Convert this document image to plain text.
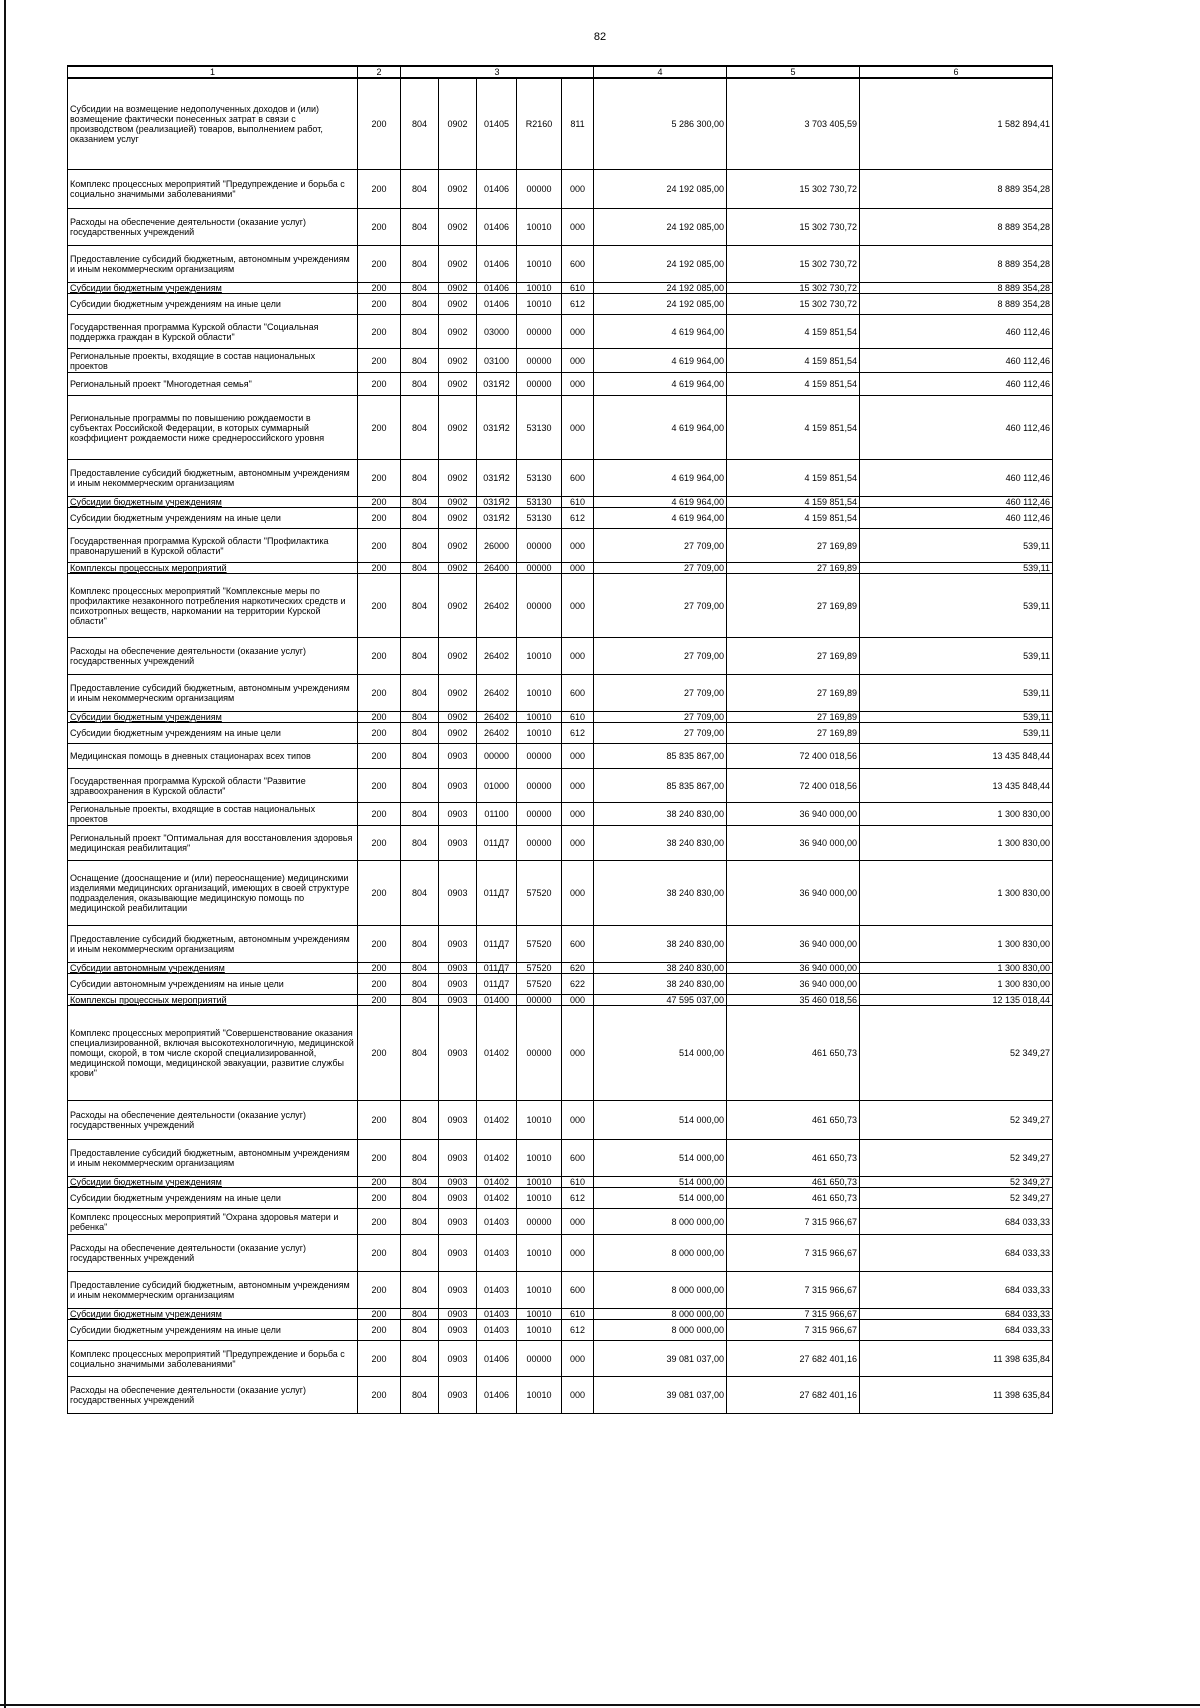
82
1	2	3					4	5	6
Субсидии на возмещение недополученных доходов и (или) возмещение фактически понесенных затрат в связи с производством (реализацией) товаров, выполнением работ, оказанием услуг	200	804	0902	01405	R2160	811	5 286 300,00	3 703 405,59	1 582 894,41
Комплекс процессных мероприятий "Предупреждение и борьба с социально значимыми заболеваниями"	200	804	0902	01406	00000	000	24 192 085,00	15 302 730,72	8 889 354,28
Расходы на обеспечение деятельности (оказание услуг) государственных учреждений	200	804	0902	01406	10010	000	24 192 085,00	15 302 730,72	8 889 354,28
Предоставление субсидий бюджетным, автономным учреждениям и иным некоммерческим организациям	200	804	0902	01406	10010	600	24 192 085,00	15 302 730,72	8 889 354,28
Субсидии бюджетным учреждениям	200	804	0902	01406	10010	610	24 192 085,00	15 302 730,72	8 889 354,28
Субсидии бюджетным учреждениям на иные цели	200	804	0902	01406	10010	612	24 192 085,00	15 302 730,72	8 889 354,28
Государственная программа Курской области "Социальная поддержка граждан в Курской области"	200	804	0902	03000	00000	000	4 619 964,00	4 159 851,54	460 112,46
Региональные проекты, входящие в состав национальных проектов	200	804	0902	03100	00000	000	4 619 964,00	4 159 851,54	460 112,46
Региональный проект "Многодетная семья"	200	804	0902	031Я2	00000	000	4 619 964,00	4 159 851,54	460 112,46
Региональные программы по повышению рождаемости в субъектах Российской Федерации, в которых суммарный коэффициент рождаемости ниже среднероссийского уровня	200	804	0902	031Я2	53130	000	4 619 964,00	4 159 851,54	460 112,46
Предоставление субсидий бюджетным, автономным учреждениям и иным некоммерческим организациям	200	804	0902	031Я2	53130	600	4 619 964,00	4 159 851,54	460 112,46
Субсидии бюджетным учреждениям	200	804	0902	031Я2	53130	610	4 619 964,00	4 159 851,54	460 112,46
Субсидии бюджетным учреждениям на иные цели	200	804	0902	031Я2	53130	612	4 619 964,00	4 159 851,54	460 112,46
Государственная программа Курской области "Профилактика правонарушений в Курской области"	200	804	0902	26000	00000	000	27 709,00	27 169,89	539,11
Комплексы процессных мероприятий	200	804	0902	26400	00000	000	27 709,00	27 169,89	539,11
Комплекс процессных мероприятий "Комплексные меры по профилактике незаконного потребления наркотических средств и психотропных веществ, наркомании на территории Курской области"	200	804	0902	26402	00000	000	27 709,00	27 169,89	539,11
Расходы на обеспечение деятельности (оказание услуг) государственных учреждений	200	804	0902	26402	10010	000	27 709,00	27 169,89	539,11
Предоставление субсидий бюджетным, автономным учреждениям и иным некоммерческим организациям	200	804	0902	26402	10010	600	27 709,00	27 169,89	539,11
Субсидии бюджетным учреждениям	200	804	0902	26402	10010	610	27 709,00	27 169,89	539,11
Субсидии бюджетным учреждениям на иные цели	200	804	0902	26402	10010	612	27 709,00	27 169,89	539,11
Медицинская помощь в дневных стационарах всех типов	200	804	0903	00000	00000	000	85 835 867,00	72 400 018,56	13 435 848,44
Государственная программа Курской области "Развитие здравоохранения в Курской области"	200	804	0903	01000	00000	000	85 835 867,00	72 400 018,56	13 435 848,44
Региональные проекты, входящие в состав национальных проектов	200	804	0903	01100	00000	000	38 240 830,00	36 940 000,00	1 300 830,00
Региональный проект "Оптимальная для восстановления здоровья медицинская реабилитация"	200	804	0903	011Д7	00000	000	38 240 830,00	36 940 000,00	1 300 830,00
Оснащение (дооснащение и (или) переоснащение) медицинскими изделиями медицинских организаций, имеющих в своей структуре подразделения, оказывающие медицинскую помощь по медицинской реабилитации	200	804	0903	011Д7	57520	000	38 240 830,00	36 940 000,00	1 300 830,00
Предоставление субсидий бюджетным, автономным учреждениям и иным некоммерческим организациям	200	804	0903	011Д7	57520	600	38 240 830,00	36 940 000,00	1 300 830,00
Субсидии автономным учреждениям	200	804	0903	011Д7	57520	620	38 240 830,00	36 940 000,00	1 300 830,00
Субсидии автономным учреждениям на иные цели	200	804	0903	011Д7	57520	622	38 240 830,00	36 940 000,00	1 300 830,00
Комплексы процессных мероприятий	200	804	0903	01400	00000	000	47 595 037,00	35 460 018,56	12 135 018,44
Комплекс процессных мероприятий "Совершенствование оказания специализированной, включая высокотехнологичную, медицинской помощи, скорой, в том числе скорой специализированной, медицинской помощи, медицинской эвакуации, развитие службы крови"	200	804	0903	01402	00000	000	514 000,00	461 650,73	52 349,27
Расходы на обеспечение деятельности (оказание услуг) государственных учреждений	200	804	0903	01402	10010	000	514 000,00	461 650,73	52 349,27
Предоставление субсидий бюджетным, автономным учреждениям и иным некоммерческим организациям	200	804	0903	01402	10010	600	514 000,00	461 650,73	52 349,27
Субсидии бюджетным учреждениям	200	804	0903	01402	10010	610	514 000,00	461 650,73	52 349,27
Субсидии бюджетным учреждениям на иные цели	200	804	0903	01402	10010	612	514 000,00	461 650,73	52 349,27
Комплекс процессных мероприятий "Охрана здоровья матери и ребенка"	200	804	0903	01403	00000	000	8 000 000,00	7 315 966,67	684 033,33
Расходы на обеспечение деятельности (оказание услуг) государственных учреждений	200	804	0903	01403	10010	000	8 000 000,00	7 315 966,67	684 033,33
Предоставление субсидий бюджетным, автономным учреждениям и иным некоммерческим организациям	200	804	0903	01403	10010	600	8 000 000,00	7 315 966,67	684 033,33
Субсидии бюджетным учреждениям	200	804	0903	01403	10010	610	8 000 000,00	7 315 966,67	684 033,33
Субсидии бюджетным учреждениям на иные цели	200	804	0903	01403	10010	612	8 000 000,00	7 315 966,67	684 033,33
Комплекс процессных мероприятий "Предупреждение и борьба с социально значимыми заболеваниями"	200	804	0903	01406	00000	000	39 081 037,00	27 682 401,16	11 398 635,84
Расходы на обеспечение деятельности (оказание услуг) государственных учреждений	200	804	0903	01406	10010	000	39 081 037,00	27 682 401,16	11 398 635,84
